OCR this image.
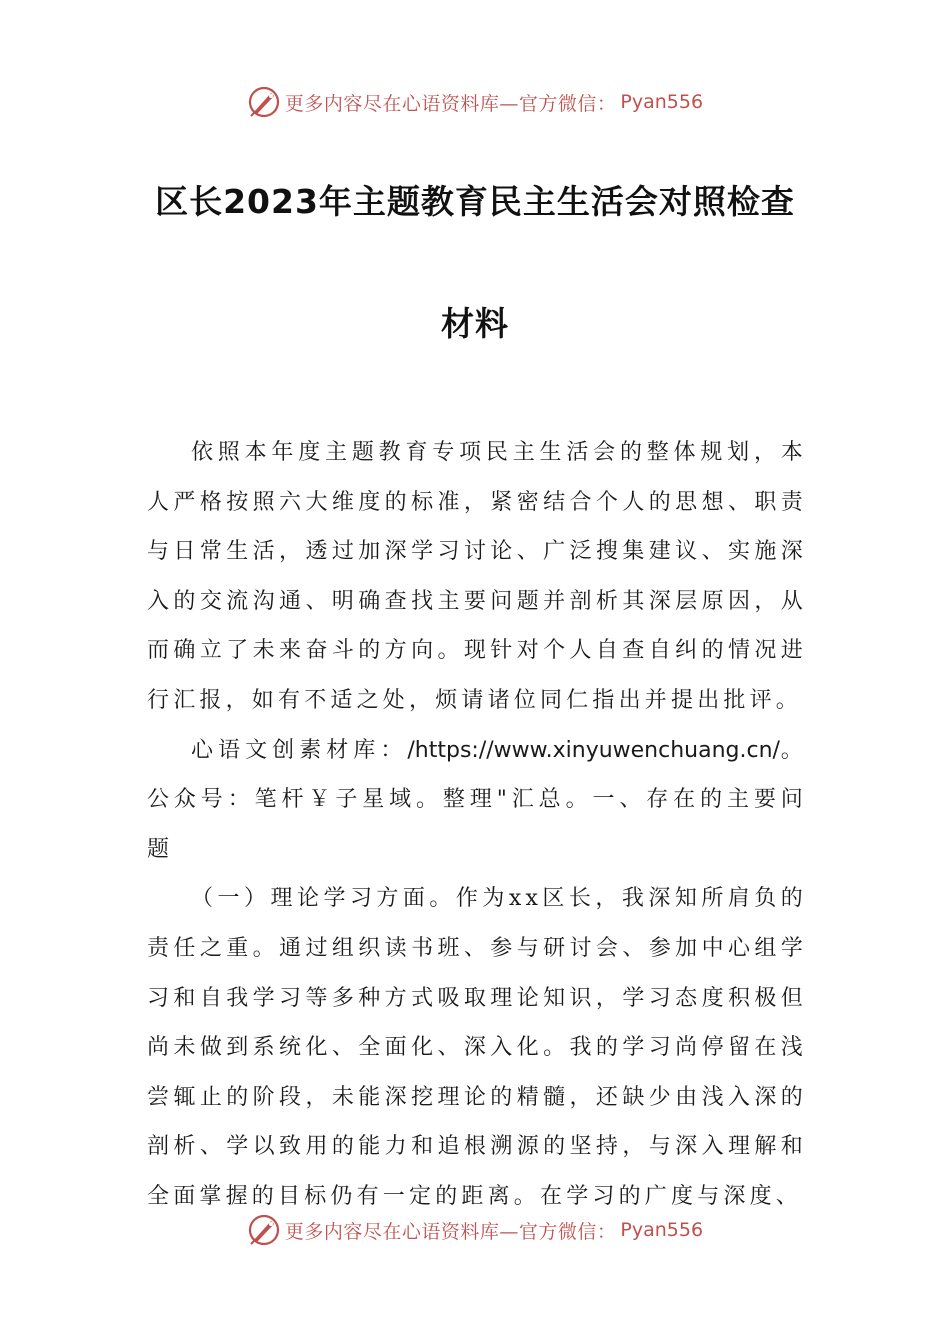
更多内容尽在心语资料库—官方微信： Pyan556
区长2023年主题教育民主生活会对照检查
材料

依照本年度主题教育专项民主生活会的整体规划，本人严格按照六大维度的标准，紧密结合个人的思想、职责与日常生活，透过加深学习讨论、广泛搜集建议、实施深入的交流沟通、明确查找主要问题并剖析其深层原因，从而确立了未来奋斗的方向。现针对个人自查自纠的情况进行汇报，如有不适之处，烦请诸位同仁指出并提出批评。

心语文创素材库：/https://www.xinyuwenchuang.cn/。公众号：笔杆￥子星域。整理"汇总。一、存在的主要问题

（一）理论学习方面。作为xx区长，我深知所肩负的责任之重。通过组织读书班、参与研讨会、参加中心组学习和自我学习等多种方式吸取理论知识，学习态度积极但尚未做到系统化、全面化、深入化。我的学习尚停留在浅尝辄止的阶段，未能深挖理论的精髓，还缺少由浅入深的剖析、学以致用的能力和追根溯源的坚持，与深入理解和全面掌握的目标仍有一定的距离。在学习的广度与深度、

更多内容尽在心语资料库—官方微信： Pyan556
